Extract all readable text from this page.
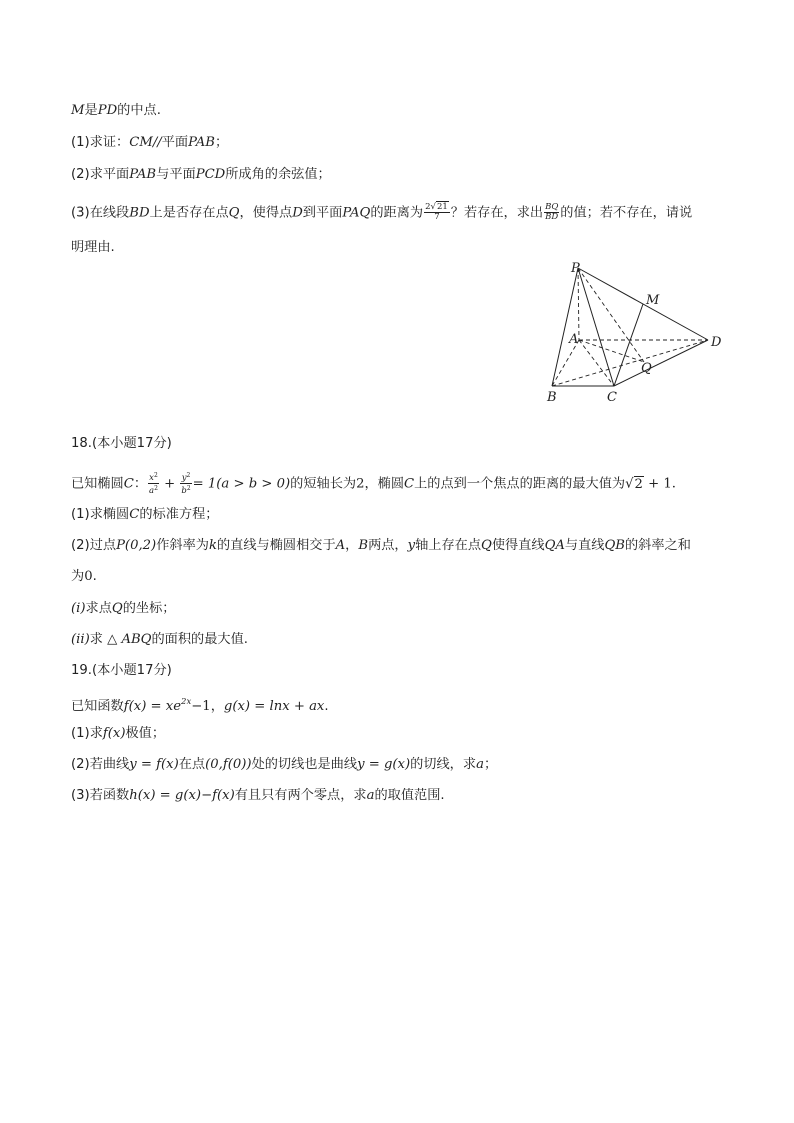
M是PD的中点.
(1)求证：CM//平面PAB；
(2)求平面PAB与平面PCD所成角的余弦值；
(3)在线段BD上是否存在点Q，使得点D到平面PAQ的距离为 $\frac{2√21}{7}$ ？若存在，求出 $\frac{BQ}{BD}$ 的值；若不存在，请说
明理由.
P
M
A	D
Q
B	C
18.(本小题17分)
已知椭圆C： $\frac{x^2}{a^2} + \frac{y^2}{b^2} = 1(a > b > 0)$的短轴长为2，椭圆C上的点到一个焦点的距离的最大值为√2 + 1.
(1)求椭圆C的标准方程；
(2)过点P(0,2)作斜率为k的直线与椭圆相交于A，B两点，y轴上存在点Q使得直线QA与直线QB的斜率之和
为0.
(i)求点Q的坐标；
(ii)求 △ ABQ的面积的最大值.
19.(本小题17分)
已知函数$f(x) = xe^{2x}-1$，g(x) = lnx + ax.
(1)求f(x)极值；
(2)若曲线y = f(x)在点(0,f(0))处的切线也是曲线y = g(x)的切线，求a；
(3)若函数h(x) = g(x)−f(x)有且只有两个零点，求a的取值范围.
